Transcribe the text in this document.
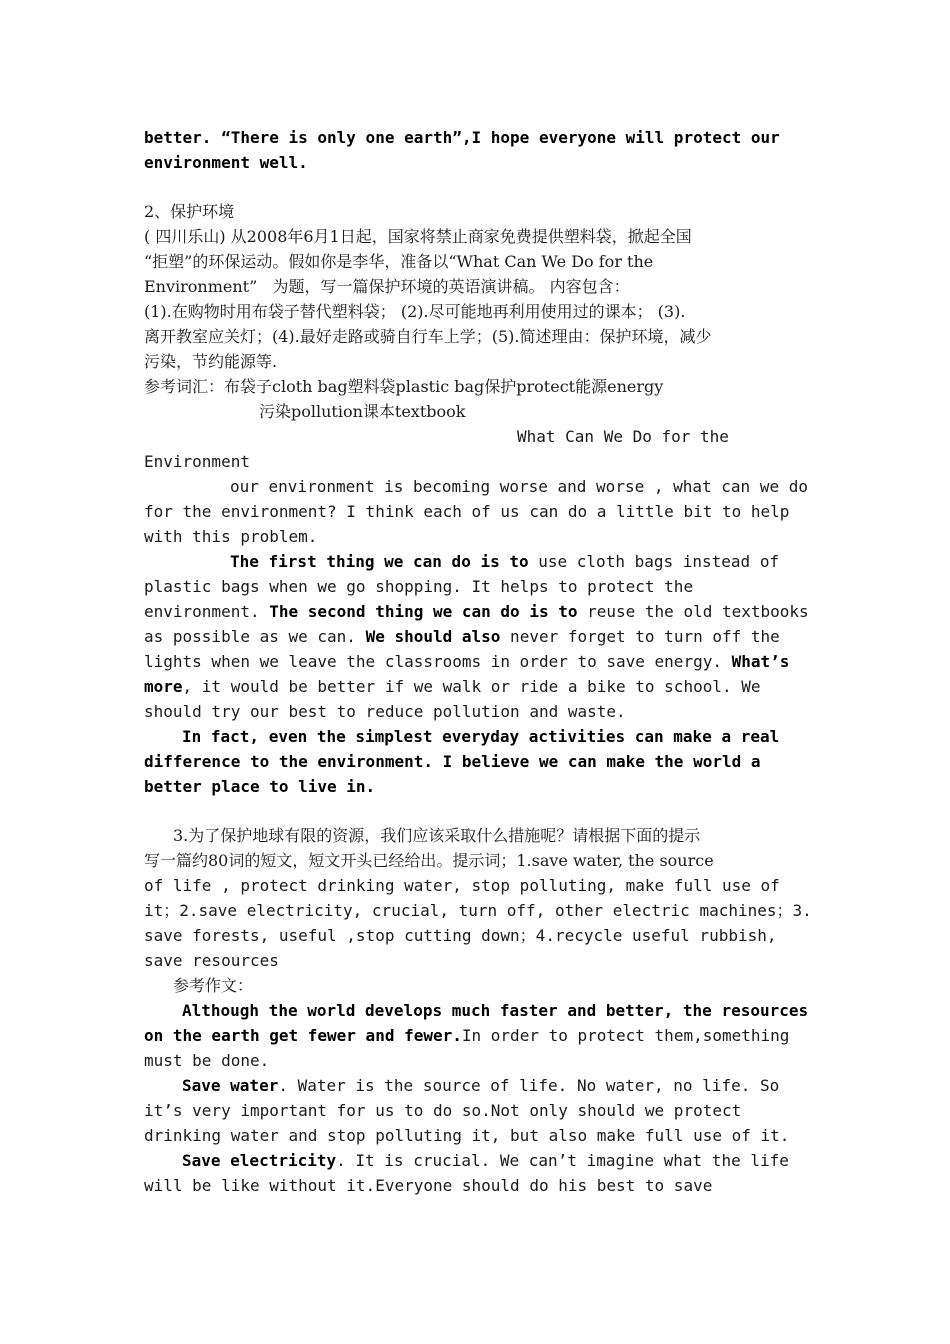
better. “There is only one earth”,I hope everyone will protect our
environment well.
2、保护环境
( 四川乐山) 从2008年6月1日起，国家将禁止商家免费提供塑料袋，掀起全国
“拒塑”的环保运动。假如你是李华，准备以“What Can We Do for the
Environment”   为题，写一篇保护环境的英语演讲稿。 内容包含：
(1).在购物时用布袋子替代塑料袋； (2).尽可能地再利用使用过的课本； (3).
离开教室应关灯；(4).最好走路或骑自行车上学；(5).简述理由：保护环境，减少
污染，节约能源等.
参考词汇：布袋子cloth bag塑料袋plastic bag保护protect能源energy
污染pollution课本textbook
What Can We Do for the
Environment
our environment is becoming worse and worse , what can we do
for the environment? I think each of us can do a little bit to help
with this problem.
The first thing we can do is to use cloth bags instead of
plastic bags when we go shopping. It helps to protect the
environment. The second thing we can do is to reuse the old textbooks
as possible as we can. We should also never forget to turn off the
lights when we leave the classrooms in order to save energy. What’s
more, it would be better if we walk or ride a bike to school. We
should try our best to reduce pollution and waste.
In fact, even the simplest everyday activities can make a real
difference to the environment. I believe we can make the world a
better place to live in.
3.为了保护地球有限的资源，我们应该采取什么措施呢？请根据下面的提示
写一篇约80词的短文，短文开头已经给出。提示词；1.save water, the source
of life , protect drinking water, stop polluting, make full use of
it；2.save electricity, crucial, turn off, other electric machines；3.
save forests, useful ,stop cutting down；4.recycle useful rubbish,
save resources
参考作文：
Although the world develops much faster and better, the resources
on the earth get fewer and fewer.In order to protect them,something
must be done.
Save water. Water is the source of life. No water, no life. So
it’s very important for us to do so.Not only should we protect
drinking water and stop polluting it, but also make full use of it.
Save electricity. It is crucial. We can’t imagine what the life
will be like without it.Everyone should do his best to save
